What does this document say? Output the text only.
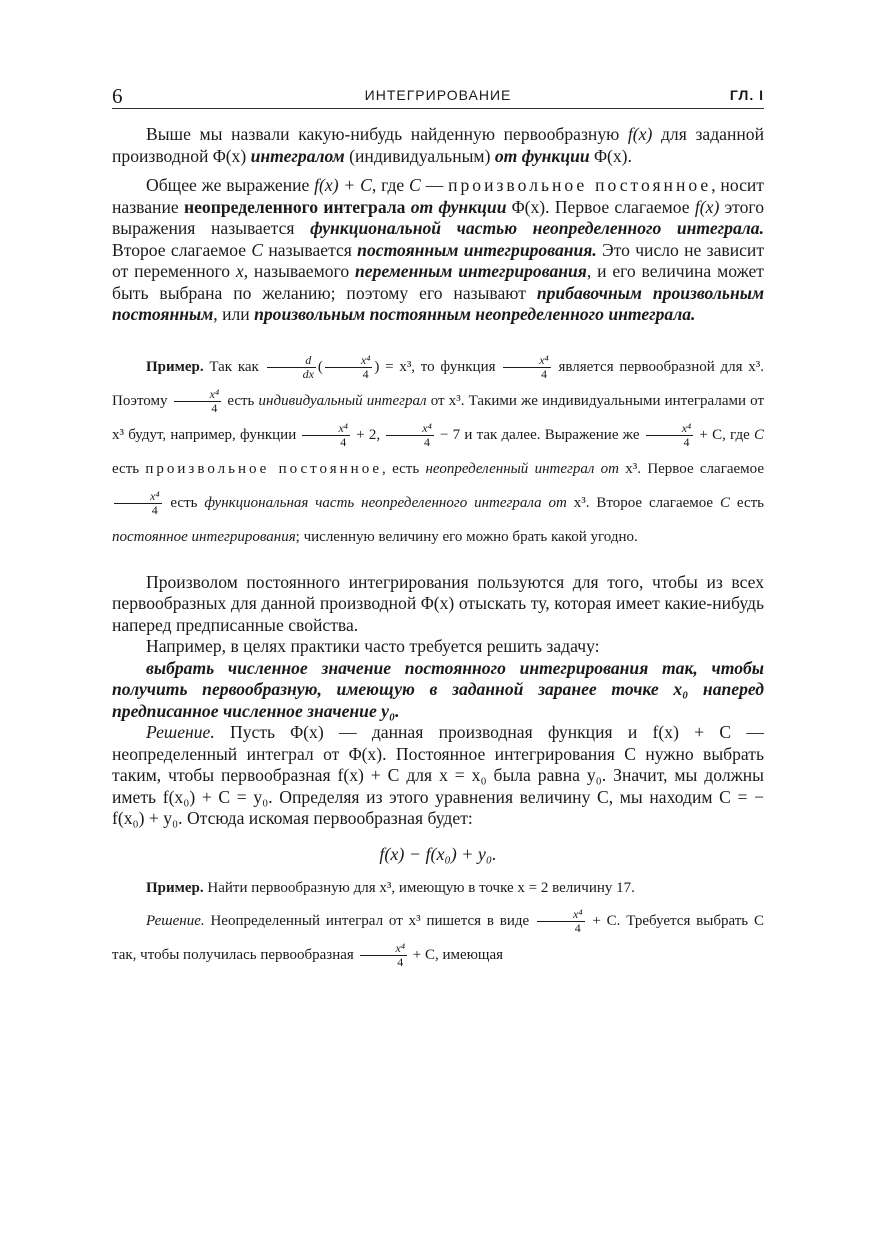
6	ИНТЕГРИРОВАНИЕ	ГЛ. I

Выше мы назвали какую-нибудь найденную первообразную f(x) для заданной производной Φ(x) интегралом (индивидуальным) от функции Φ(x).

Общее же выражение f(x) + C, где C — произвольное постоянное, носит название неопределенного интеграла от функции Φ(x). Первое слагаемое f(x) этого выражения называется функциональной частью неопределенного интеграла. Второе слагаемое C называется постоянным интегрирования. Это число не зависит от переменного x, называемого переменным интегрирования, и его величина может быть выбрана по желанию; поэтому его называют прибавочным произвольным постоянным, или произвольным постоянным неопределенного интеграла.

Пример. Так как $\frac{d}{dx}$ ( $\frac{\text{x⁴}}{4}$ ) = x³, то функция $\frac{\text{x⁴}}{4}$ является первообразной для x³. Поэтому $\frac{\text{x⁴}}{4}$ есть индивидуальный интеграл от x³. Такими же индивидуальными интегралами от x³ будут, например, функции $\frac{\text{x⁴}}{4} + 2$, $\frac{\text{x⁴}}{4} - 7$ и так далее. Выражение же $\frac{\text{x⁴}}{4} + C$, где C есть произвольное постоянное, есть неопределенный интеграл от x³. Первое слагаемое
$\frac{\text{x⁴}}{4}$ есть функциональная часть неопределенного интеграла от x³. Второе слагаемое C есть постоянное интегрирования; численную величину его можно брать какой угодно.

Произволом постоянного интегрирования пользуются для того, чтобы из всех первообразных для данной производной Φ(x) отыскать ту, которая имеет какие-нибудь наперед предписанные свойства.

Например, в целях практики часто требуется решить задачу:

выбрать численное значение постоянного интегрирования так, чтобы получить первообразную, имеющую в заданной заранее точке x₀ наперед предписанное численное значение y₀.

Решение. Пусть Φ(x) — данная производная функция и f(x) + C — неопределенный интеграл от Φ(x). Постоянное интегрирования C нужно выбрать таким, чтобы первообразная f(x) + C для x = x₀ была равна y₀. Значит, мы должны иметь f(x₀) + C = y₀. Определяя из этого уравнения величину C, мы находим C = − f(x₀) + y₀. Отсюда искомая первообразная будет:

f(x) − f(x₀) + y₀.

Пример. Найти первообразную для x³, имеющую в точке x = 2 величину 17.

Решение. Неопределенный интеграл от x³ пишется в виде $\frac{\text{x⁴}}{4} + C$. Требуется выбрать C так, чтобы получилась первообразная $\frac{\text{x⁴}}{4} + C$, имеющая
